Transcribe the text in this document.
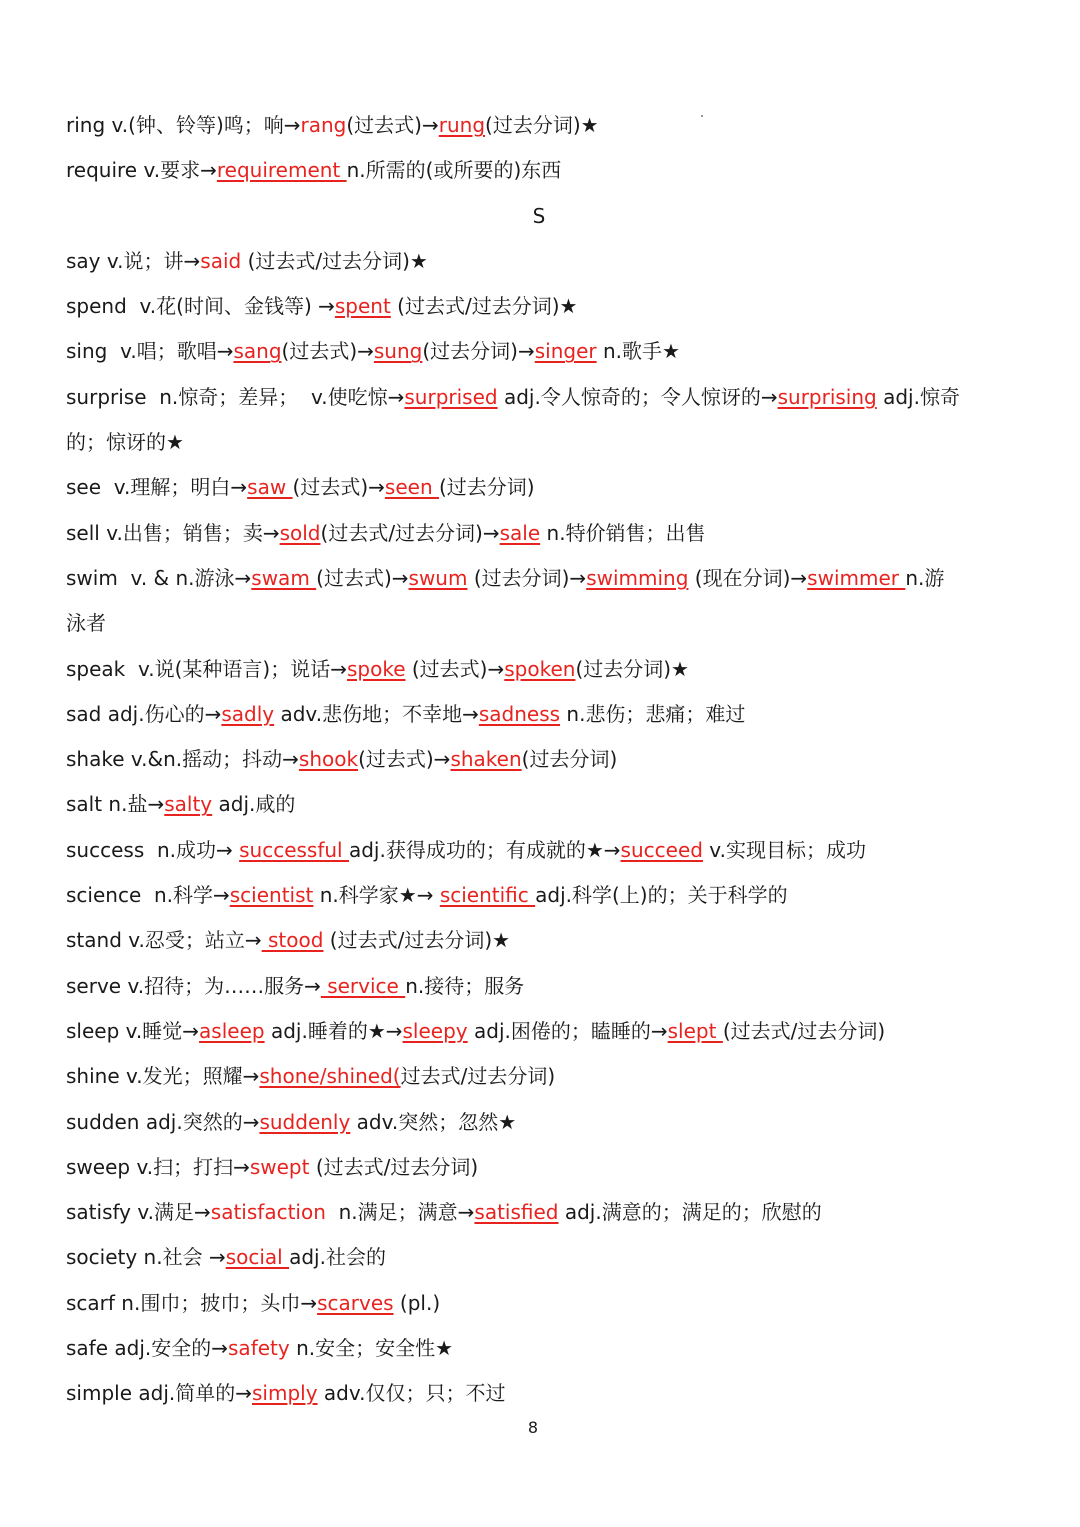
ring v.(钟、铃等)鸣；响→rang(过去式)→rung(过去分词)★
require v.要求→requirement n.所需的(或所要的)东西
S
say v.说；讲→said (过去式/过去分词)★
spend  v.花(时间、金钱等) →spent (过去式/过去分词)★
sing  v.唱；歌唱→sang(过去式)→sung(过去分词)→singer n.歌手★
surprise  n.惊奇；差异；  v.使吃惊→surprised adj.令人惊奇的；令人惊讶的→surprising adj.惊奇
的；惊讶的★
see  v.理解；明白→saw (过去式)→seen (过去分词)
sell v.出售；销售；卖→sold(过去式/过去分词)→sale n.特价销售；出售
swim  v. & n.游泳→swam (过去式)→swum (过去分词)→swimming (现在分词)→swimmer n.游
泳者
speak  v.说(某种语言)；说话→spoke (过去式)→spoken(过去分词)★
sad adj.伤心的→sadly adv.悲伤地；不幸地→sadness n.悲伤；悲痛；难过
shake v.&n.摇动；抖动→shook(过去式)→shaken(过去分词)
salt n.盐→salty adj.咸的
success  n.成功→ successful adj.获得成功的；有成就的★→succeed v.实现目标；成功
science  n.科学→scientist n.科学家★→ scientific adj.科学(上)的；关于科学的
stand v.忍受；站立→ stood (过去式/过去分词)★
serve v.招待；为……服务→ service n.接待；服务
sleep v.睡觉→asleep adj.睡着的★→sleepy adj.困倦的；瞌睡的→slept (过去式/过去分词)
shine v.发光；照耀→shone/shined(过去式/过去分词)
sudden adj.突然的→suddenly adv.突然；忽然★
sweep v.扫；打扫→swept (过去式/过去分词)
satisfy v.满足→satisfaction  n.满足；满意→satisfied adj.满意的；满足的；欣慰的
society n.社会 →social adj.社会的
scarf n.围巾；披巾；头巾→scarves (pl.)
safe adj.安全的→safety n.安全；安全性★
simple adj.简单的→simply adv.仅仅；只；不过
8
